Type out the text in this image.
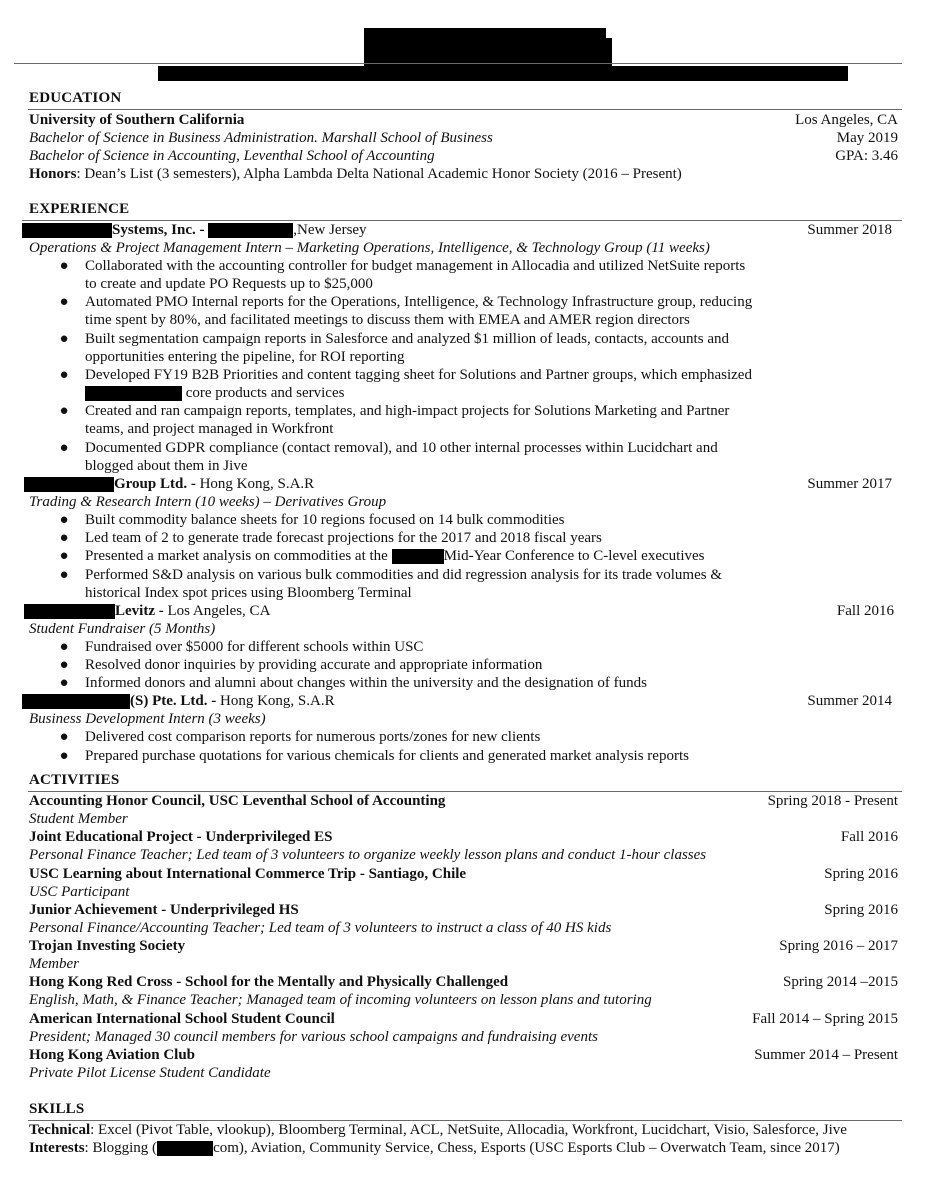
EDUCATION
University of Southern California	Los Angeles, CA
Bachelor of Science in Business Administration. Marshall School of Business	May 2019
Bachelor of Science in Accounting, Leventhal School of Accounting	GPA: 3.46
Honors: Dean’s List (3 semesters), Alpha Lambda Delta National Academic Honor Society (2016 – Present)
EXPERIENCE
Systems, Inc. -	,New Jersey	Summer 2018
Operations & Project Management Intern – Marketing Operations, Intelligence, & Technology Group (11 weeks)
● Collaborated with the accounting controller for budget management in Allocadia and utilized NetSuite reports
to create and update PO Requests up to $25,000
● Automated PMO Internal reports for the Operations, Intelligence, & Technology Infrastructure group, reducing
time spent by 80%, and facilitated meetings to discuss them with EMEA and AMER region directors
● Built segmentation campaign reports in Salesforce and analyzed $1 million of leads, contacts, accounts and
opportunities entering the pipeline, for ROI reporting
● Developed FY19 B2B Priorities and content tagging sheet for Solutions and Partner groups, which emphasized
core products and services
● Created and ran campaign reports, templates, and high-impact projects for Solutions Marketing and Partner
teams, and project managed in Workfront
● Documented GDPR compliance (contact removal), and 10 other internal processes within Lucidchart and
blogged about them in Jive
Group Ltd. - Hong Kong, S.A.R	Summer 2017
Trading & Research Intern (10 weeks) – Derivatives Group
● Built commodity balance sheets for 10 regions focused on 14 bulk commodities
● Led team of 2 to generate trade forecast projections for the 2017 and 2018 fiscal years
● Presented a market analysis on commodities at the	Mid-Year Conference to C-level executives
● Performed S&D analysis on various bulk commodities and did regression analysis for its trade volumes &
historical Index spot prices using Bloomberg Terminal
Levitz - Los Angeles, CA	Fall 2016
Student Fundraiser (5 Months)
● Fundraised over $5000 for different schools within USC
● Resolved donor inquiries by providing accurate and appropriate information
● Informed donors and alumni about changes within the university and the designation of funds
(S) Pte. Ltd. - Hong Kong, S.A.R	Summer 2014
Business Development Intern (3 weeks)
● Delivered cost comparison reports for numerous ports/zones for new clients
● Prepared purchase quotations for various chemicals for clients and generated market analysis reports
ACTIVITIES
Accounting Honor Council, USC Leventhal School of Accounting	Spring 2018 - Present
Student Member
Joint Educational Project - Underprivileged ES	Fall 2016
Personal Finance Teacher; Led team of 3 volunteers to organize weekly lesson plans and conduct 1-hour classes
USC Learning about International Commerce Trip - Santiago, Chile	Spring 2016
USC Participant
Junior Achievement - Underprivileged HS	Spring 2016
Personal Finance/Accounting Teacher; Led team of 3 volunteers to instruct a class of 40 HS kids
Trojan Investing Society	Spring 2016 – 2017
Member
Hong Kong Red Cross - School for the Mentally and Physically Challenged	Spring 2014 –2015
English, Math, & Finance Teacher; Managed team of incoming volunteers on lesson plans and tutoring
American International School Student Council	Fall 2014 – Spring 2015
President; Managed 30 council members for various school campaigns and fundraising events
Hong Kong Aviation Club	Summer 2014 – Present
Private Pilot License Student Candidate
SKILLS
Technical: Excel (Pivot Table, vlookup), Bloomberg Terminal, ACL, NetSuite, Allocadia, Workfront, Lucidchart, Visio, Salesforce, Jive
Interests: Blogging (	com), Aviation, Community Service, Chess, Esports (USC Esports Club – Overwatch Team, since 2017)
